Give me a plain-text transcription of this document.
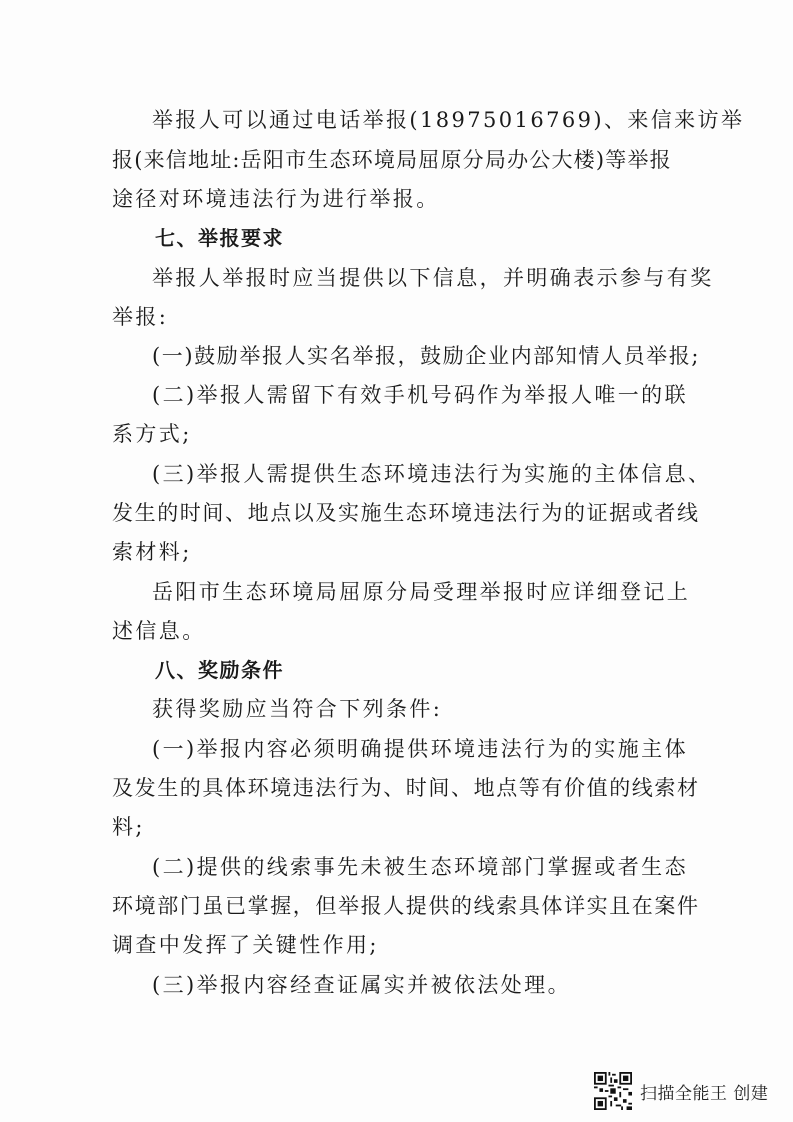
举报人可以通过电话举报(18975016769)、来信来访举
报(来信地址:岳阳市生态环境局屈原分局办公大楼)等举报
途径对环境违法行为进行举报。
七、举报要求
举报人举报时应当提供以下信息，并明确表示参与有奖
举报:
(一)鼓励举报人实名举报，鼓励企业内部知情人员举报;
(二)举报人需留下有效手机号码作为举报人唯一的联
系方式;
(三)举报人需提供生态环境违法行为实施的主体信息、
发生的时间、地点以及实施生态环境违法行为的证据或者线
索材料;
岳阳市生态环境局屈原分局受理举报时应详细登记上
述信息。
八、奖励条件
获得奖励应当符合下列条件:
(一)举报内容必须明确提供环境违法行为的实施主体
及发生的具体环境违法行为、时间、地点等有价值的线索材
料;
(二)提供的线索事先未被生态环境部门掌握或者生态
环境部门虽已掌握，但举报人提供的线索具体详实且在案件
调查中发挥了关键性作用;
(三)举报内容经查证属实并被依法处理。
扫描全能王 创建
